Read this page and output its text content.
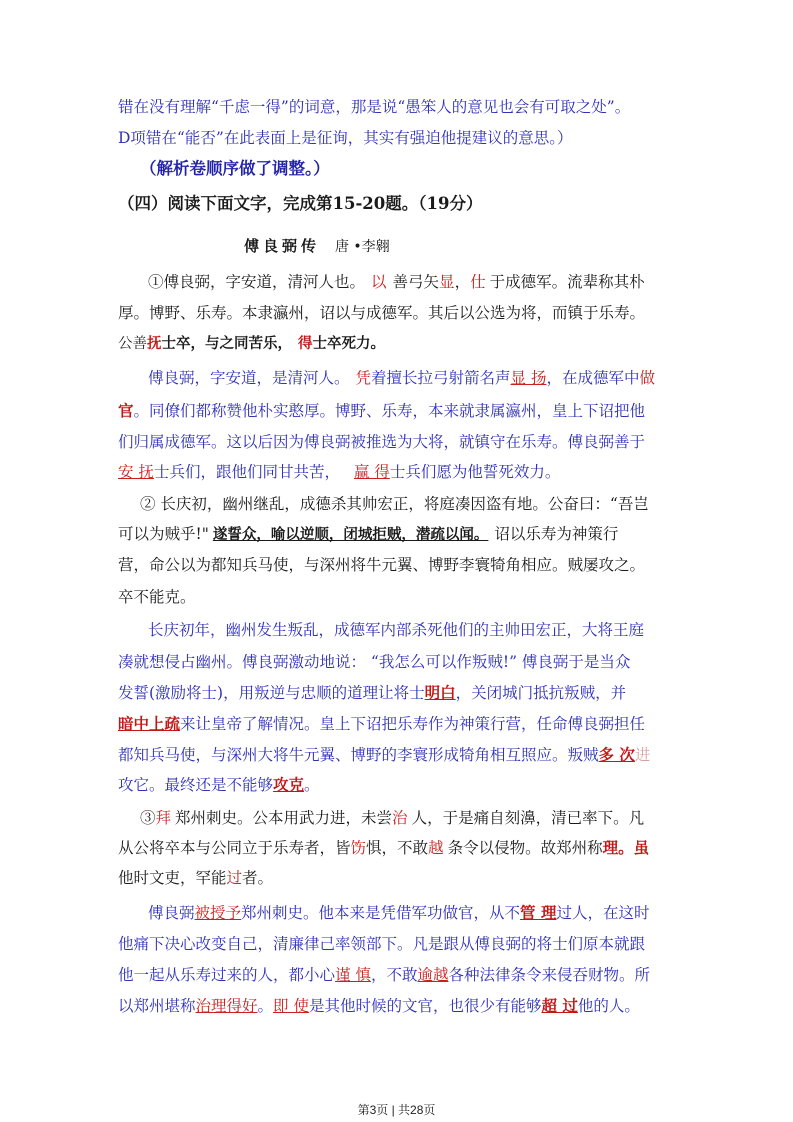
错在没有理解“千虑一得”的词意，那是说“愚笨人的意见也会有可取之处”。
D项错在“能否”在此表面上是征询，其实有强迫他提建议的意思。）
（解析卷顺序做了调整。）
（四）阅读下面文字，完成第15-20题。（19分）
傅良弼传 唐 •李翱
①傅良弼，字安道，清河人也。 以 善弓矢显，仕 于成德军。流辈称其朴
厚。博野、乐寿。本隶瀛州，诏以与成德军。其后以公选为将，而镇于乐寿。
公善抚士卒，与之同苦乐， 得士卒死力。
傅良弼，字安道，是清河人。 凭着擅长拉弓射箭名声显 扬，在成德军中做
官。同僚们都称赞他朴实憨厚。博野、乐寿，本来就隶属瀛州，皇上下诏把他
们归属成德军。这以后因为傅良弼被推选为大将，就镇守在乐寿。傅良弼善于
安 抚士兵们，跟他们同甘共苦， 赢 得士兵们愿为他誓死效力。
② 长庆初，幽州继乱，成德杀其帅宏正，将庭凑因盗有地。公奋曰：“吾岂
可以为贼乎!" 遂誓众，喻以逆顺，闭城拒贼，潜疏以闻。 诏以乐寿为神策行
营，命公以为都知兵马使，与深州将牛元翼、博野李寰犄角相应。贼屡攻之。
卒不能克。
长庆初年，幽州发生叛乱，成德军内部杀死他们的主帅田宏正，大将王庭
凑就想侵占幽州。傅良弼激动地说： “我怎么可以作叛贼!” 傅良弼于是当众
发誓(激励将士)，用叛逆与忠顺的道理让将士明白，关闭城门抵抗叛贼，并
暗中上疏来让皇帝了解情况。皇上下诏把乐寿作为神策行营，任命傅良弼担任
都知兵马使，与深州大将牛元翼、博野的李寰形成犄角相互照应。叛贼多 次进
攻它。最终还是不能够攻克。
③拜 郑州刺史。公本用武力进，未尝治 人，于是痛自刻濞，清已率下。凡
从公将卒本与公同立于乐寿者，皆饬惧，不敢越 条令以侵物。故郑州称理。虽
他时文吏，罕能过者。
傅良弼被授予郑州刺史。他本来是凭借军功做官，从不管 理过人，在这时
他痛下决心改变自己，清廉律己率领部下。凡是跟从傅良弼的将士们原本就跟
他一起从乐寿过来的人，都小心谨 慎，不敢逾越各种法律条令来侵吞财物。所
以郑州堪称治理得好。即 使是其他时候的文官，也很少有能够超 过他的人。
第3页 | 共28页
